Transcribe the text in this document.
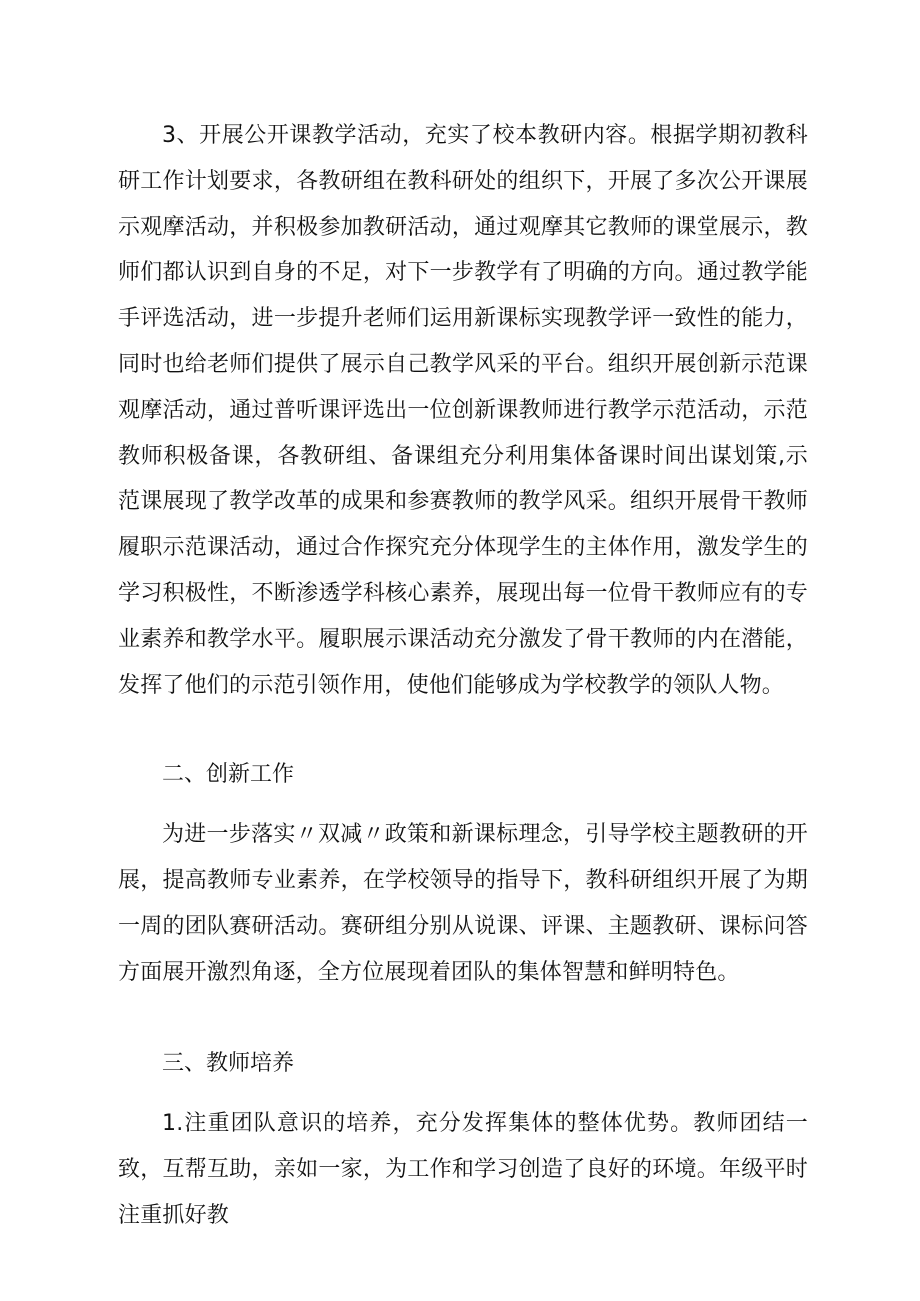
3、开展公开课教学活动，充实了校本教研内容。根据学期初教科研工作计划要求，各教研组在教科研处的组织下，开展了多次公开课展示观摩活动，并积极参加教研活动，通过观摩其它教师的课堂展示，教师们都认识到自身的不足，对下一步教学有了明确的方向。通过教学能手评选活动，进一步提升老师们运用新课标实现教学评一致性的能力，同时也给老师们提供了展示自己教学风采的平台。组织开展创新示范课观摩活动，通过普听课评选出一位创新课教师进行教学示范活动，示范教师积极备课，各教研组、备课组充分利用集体备课时间出谋划策,示范课展现了教学改革的成果和参赛教师的教学风采。组织开展骨干教师履职示范课活动，通过合作探究充分体现学生的主体作用，激发学生的学习积极性，不断渗透学科核心素养，展现出每一位骨干教师应有的专业素养和教学水平。履职展示课活动充分激发了骨干教师的内在潜能，发挥了他们的示范引领作用，使他们能够成为学校教学的领队人物。

二、创新工作

为进一步落实〃双减〃政策和新课标理念，引导学校主题教研的开展，提高教师专业素养，在学校领导的指导下，教科研组织开展了为期一周的团队赛研活动。赛研组分别从说课、评课、主题教研、课标问答方面展开激烈角逐，全方位展现着团队的集体智慧和鲜明特色。

三、教师培养

1.注重团队意识的培养，充分发挥集体的整体优势。教师团结一致，互帮互助，亲如一家，为工作和学习创造了良好的环境。年级平时注重抓好教
